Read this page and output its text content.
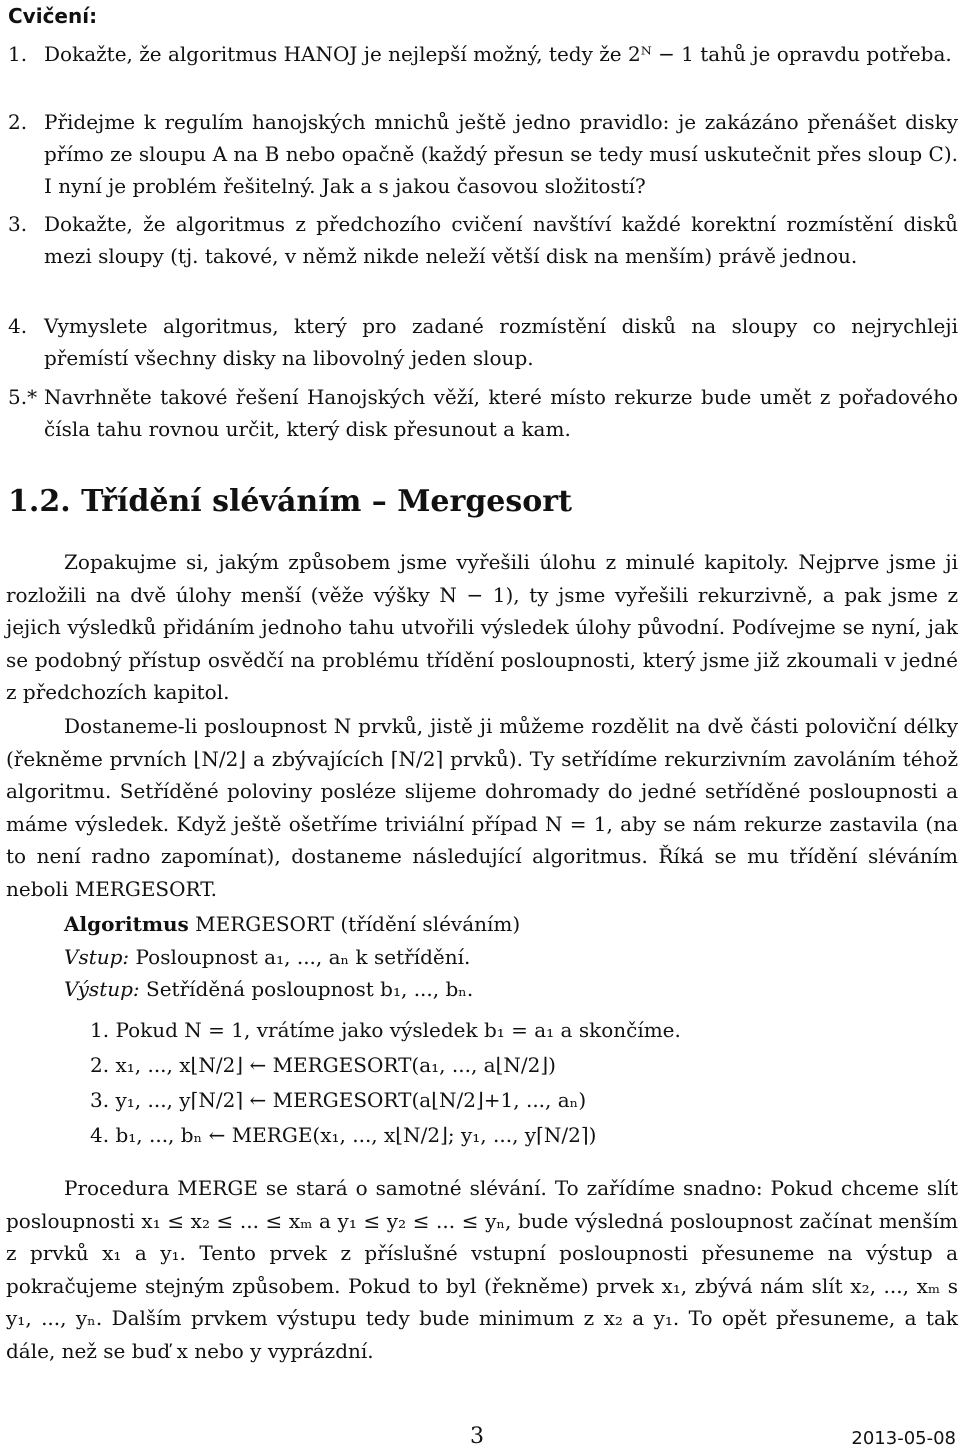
Cvičení:
1. Dokažte, že algoritmus HANOJ je nejlepší možný, tedy že 2ᴺ − 1 tahů je opravdu potřeba.
2. Přidejme k regulím hanojských mnichů ještě jedno pravidlo: je zakázáno přenášet disky přímo ze sloupu A na B nebo opačně (každý přesun se tedy musí uskutečnit přes sloup C). I nyní je problém řešitelný. Jak a s jakou časovou složitostí?
3. Dokažte, že algoritmus z předchozího cvičení navštíví každé korektní rozmístění disků mezi sloupy (tj. takové, v němž nikde neleží větší disk na menším) právě jednou.
4. Vymyslete algoritmus, který pro zadané rozmístění disků na sloupy co nejrychleji přemístí všechny disky na libovolný jeden sloup.
5.* Navrhněte takové řešení Hanojských věží, které místo rekurze bude umět z pořadového čísla tahu rovnou určit, který disk přesunout a kam.
1.2. Třídění sléváním – Mergesort
Zopakujme si, jakým způsobem jsme vyřešili úlohu z minulé kapitoly. Nejprve jsme ji rozložili na dvě úlohy menší (věže výšky N − 1), ty jsme vyřešili rekurzivně, a pak jsme z jejich výsledků přidáním jednoho tahu utvořili výsledek úlohy původní. Podívejme se nyní, jak se podobný přístup osvědčí na problému třídění posloupnosti, který jsme již zkoumali v jedné z předchozích kapitol.
Dostaneme-li posloupnost N prvků, jistě ji můžeme rozdělit na dvě části poloviční délky (řekněme prvních ⌊N/2⌋ a zbývajících ⌈N/2⌉ prvků). Ty setřídíme rekurzivním zavoláním téhož algoritmu. Setříděné poloviny posléze slijeme dohromady do jedné setříděné posloupnosti a máme výsledek. Když ještě ošetříme triviální případ N = 1, aby se nám rekurze zastavila (na to není radno zapomínat), dostaneme následující algoritmus. Říká se mu třídění sléváním neboli MERGESORT.
Algoritmus MERGESORT (třídění sléváním)
Vstup: Posloupnost a₁, ..., aₙ k setřídění.
Výstup: Setříděná posloupnost b₁, ..., bₙ.
1. Pokud N = 1, vrátíme jako výsledek b₁ = a₁ a skončíme.
2. x₁, ..., x⌊N/2⌋ ← MERGESORT(a₁, ..., a⌊N/2⌋)
3. y₁, ..., y⌈N/2⌉ ← MERGESORT(a⌊N/2⌋+1, ..., aₙ)
4. b₁, ..., bₙ ← MERGE(x₁, ..., x⌊N/2⌋; y₁, ..., y⌈N/2⌉)
Procedura MERGE se stará o samotné slévání. To zařídíme snadno: Pokud chceme slít posloupnosti x₁ ≤ x₂ ≤ ... ≤ xₘ a y₁ ≤ y₂ ≤ ... ≤ yₙ, bude výsledná posloupnost začínat menším z prvků x₁ a y₁. Tento prvek z příslušné vstupní posloupnosti přesuneme na výstup a pokračujeme stejným způsobem. Pokud to byl (řekněme) prvek x₁, zbývá nám slít x₂, ..., xₘ s y₁, ..., yₙ. Dalším prvkem výstupu tedy bude minimum z x₂ a y₁. To opět přesuneme, a tak dále, než se buď x nebo y vyprázdní.
3	2013-05-08
